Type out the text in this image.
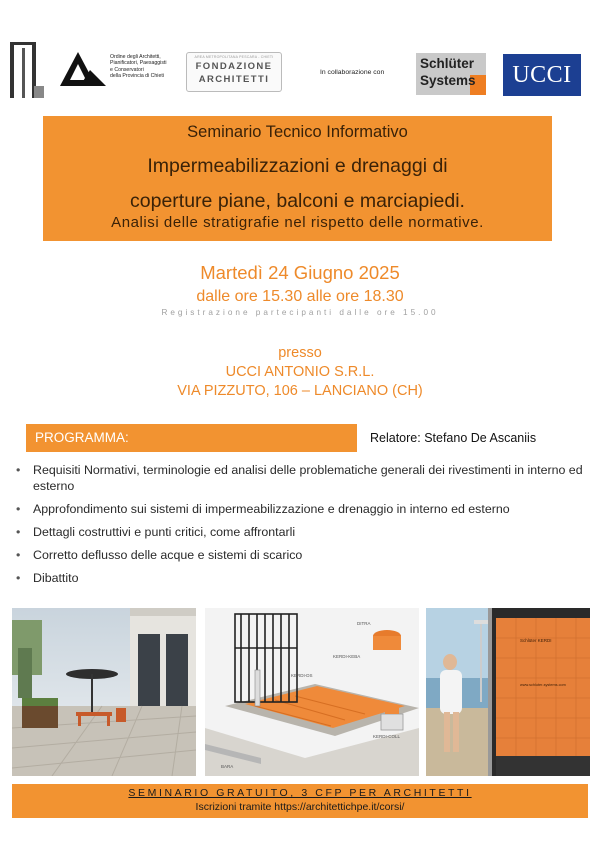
Ordine degli Architetti,
Pianificatori, Paesaggisti
e Conservatori
della Provincia di Chieti
AREA METROPOLITANA PESCARA - CHIETI
FONDAZIONE
ARCHITETTI
In collaborazione con
Schlüter
Systems	UCCI
Seminario Tecnico Informativo
Impermeabilizzazioni e drenaggi di
coperture piane, balconi e marciapiedi.
Analisi delle stratigrafie nel rispetto delle normative.
Martedì 24 Giugno 2025
dalle ore 15.30 alle ore 18.30
Registrazione partecipanti dalle ore 15.00
presso
UCCI ANTONIO S.R.L.
VIA PIZZUTO, 106 – LANCIANO (CH)
PROGRAMMA:	Relatore: Stefano De Ascaniis
• Requisiti Normativi, terminologie ed analisi delle problematiche generali dei rivestimenti in interno ed esterno
• Approfondimento sui sistemi di impermeabilizzazione e drenaggio in interno ed esterno
• Dettagli costruttivi e punti critici, come affrontarli
• Corretto deflusso delle acque e sistemi di scarico
• Dibattito
DITRA
KERDI-KEBA
KERDI-DS
KERDI-COLL
BARA
Schlüter KERDI
www.schluter-systems.com
SEMINARIO GRATUITO, 3 CFP PER ARCHITETTI
Iscrizioni tramite https://architettichpe.it/corsi/
